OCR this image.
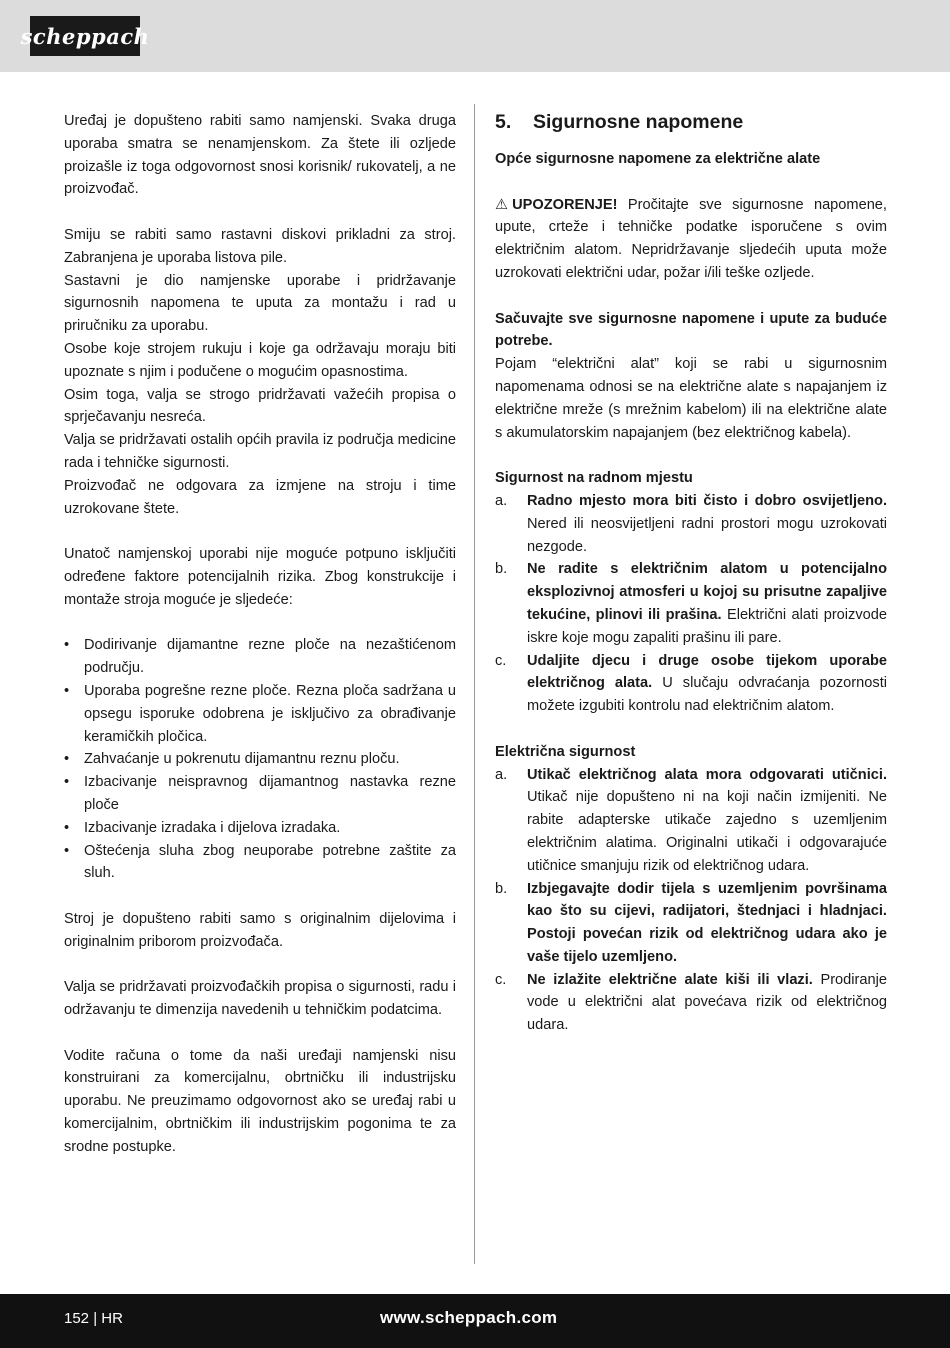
scheppach

Uređaj je dopušteno rabiti samo namjenski. Svaka druga uporaba smatra se nenamjenskom. Za štete ili ozljede proizašle iz toga odgovornost snosi korisnik/ rukovatelj, a ne proizvođač.

Smiju se rabiti samo rastavni diskovi prikladni za stroj. Zabranjena je uporaba listova pile.

Sastavni je dio namjenske uporabe i pridržavanje sigurnosnih napomena te uputa za montažu i rad u priručniku za uporabu.

Osobe koje strojem rukuju i koje ga održavaju moraju biti upoznate s njim i podučene o mogućim opasnostima.

Osim toga, valja se strogo pridržavati važećih propisa o sprječavanju nesreća.

Valja se pridržavati ostalih općih pravila iz područja medicine rada i tehničke sigurnosti.

Proizvođač ne odgovara za izmjene na stroju i time uzrokovane štete.

Unatoč namjenskoj uporabi nije moguće potpuno isključiti određene faktore potencijalnih rizika. Zbog konstrukcije i montaže stroja moguće je sljedeće:

• Dodirivanje dijamantne rezne ploče na nezaštićenom području.
• Uporaba pogrešne rezne ploče. Rezna ploča sadržana u opsegu isporuke odobrena je isključivo za obrađivanje keramičkih pločica.
• Zahvaćanje u pokrenutu dijamantnu reznu ploču.
• Izbacivanje neispravnog dijamantnog nastavka rezne ploče
• Izbacivanje izradaka i dijelova izradaka.
• Oštećenja sluha zbog neuporabe potrebne zaštite za sluh.

Stroj je dopušteno rabiti samo s originalnim dijelovima i originalnim priborom proizvođača.

Valja se pridržavati proizvođačkih propisa o sigurnosti, radu i održavanju te dimenzija navedenih u tehničkim podatcima.

Vodite računa o tome da naši uređaji namjenski nisu konstruirani za komercijalnu, obrtničku ili industrijsku uporabu. Ne preuzimamo odgovornost ako se uređaj rabi u komercijalnim, obrtničkim ili industrijskim pogonima te za srodne postupke.

5.	Sigurnosne napomene

Opće sigurnosne napomene za električne alate

⚠ UPOZORENJE! Pročitajte sve sigurnosne napomene, upute, crteže i tehničke podatke isporučene s ovim električnim alatom. Nepridržavanje sljedećih uputa može uzrokovati električni udar, požar i/ili teške ozljede.

Sačuvajte sve sigurnosne napomene i upute za buduće potrebe.

Pojam “električni alat” koji se rabi u sigurnosnim napomenama odnosi se na električne alate s napajanjem iz električne mreže (s mrežnim kabelom) ili na električne alate s akumulatorskim napajanjem (bez električnog kabela).

Sigurnost na radnom mjestu

a. Radno mjesto mora biti čisto i dobro osvijetljeno. Nered ili neosvijetljeni radni prostori mogu uzrokovati nezgode.
b. Ne radite s električnim alatom u potencijalno eksplozivnoj atmosferi u kojoj su prisutne zapaljive tekućine, plinovi ili prašina. Električni alati proizvode iskre koje mogu zapaliti prašinu ili pare.
c. Udaljite djecu i druge osobe tijekom uporabe električnog alata. U slučaju odvraćanja pozornosti možete izgubiti kontrolu nad električnim alatom.

Električna sigurnost

a. Utikač električnog alata mora odgovarati utičnici. Utikač nije dopušteno ni na koji način izmijeniti. Ne rabite adapterske utikače zajedno s uzemljenim električnim alatima. Originalni utikači i odgovarajuće utičnice smanjuju rizik od električnog udara.
b. Izbjegavajte dodir tijela s uzemljenim površinama kao što su cijevi, radijatori, štednjaci i hladnjaci. Postoji povećan rizik od električnog udara ako je vaše tijelo uzemljeno.
c. Ne izlažite električne alate kiši ili vlazi. Prodiranje vode u električni alat povećava rizik od električnog udara.
152 | HR	www.scheppach.com
